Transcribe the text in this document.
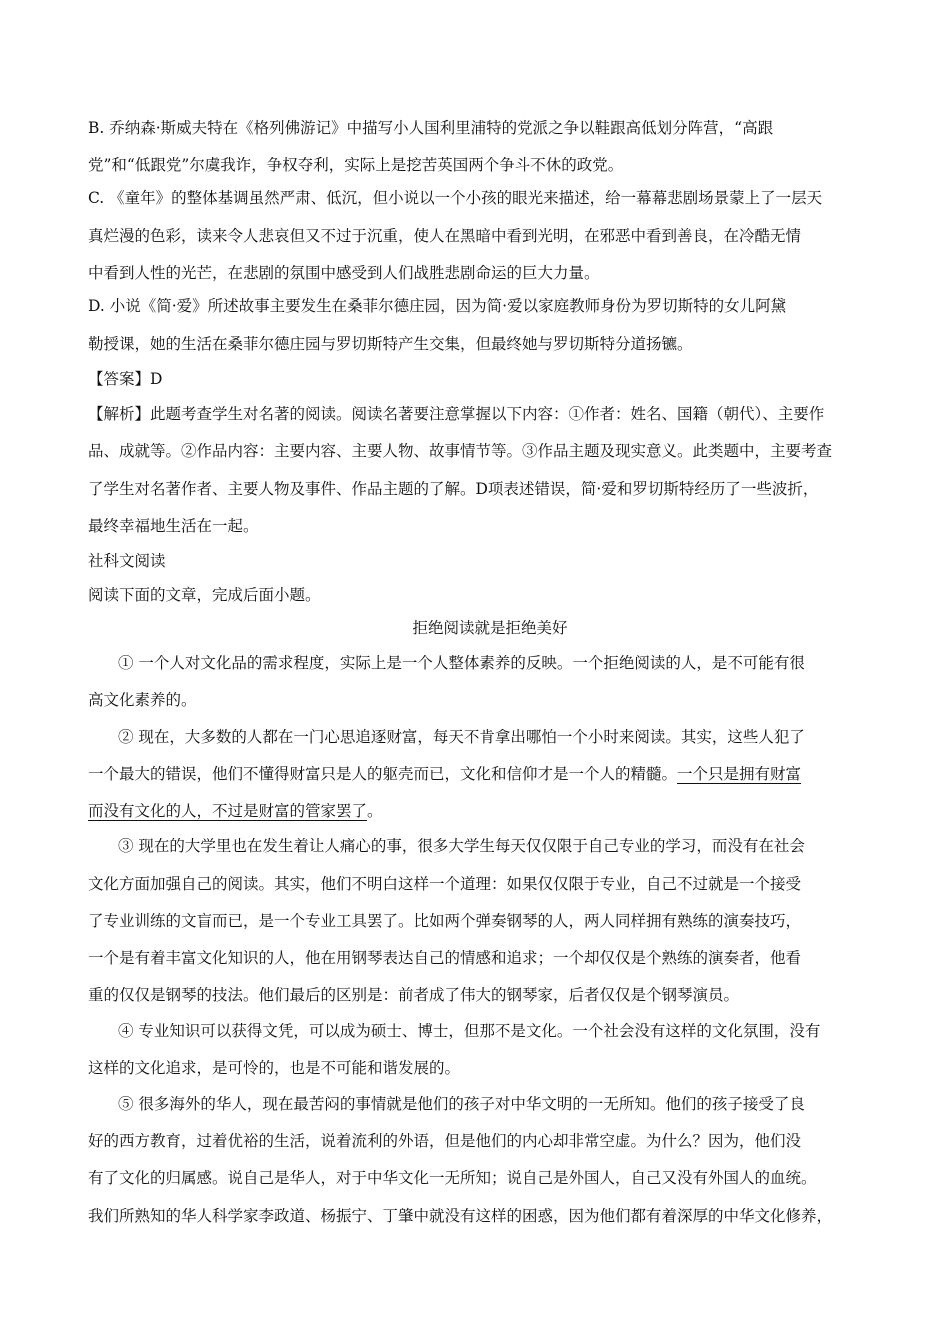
B. 乔纳森·斯威夫特在《格列佛游记》中描写小人国利里浦特的党派之争以鞋跟高低划分阵营，“高跟
党”和“低跟党”尔虞我诈，争权夺利，实际上是挖苦英国两个争斗不休的政党。
C. 《童年》的整体基调虽然严肃、低沉，但小说以一个小孩的眼光来描述，给一幕幕悲剧场景蒙上了一层天
真烂漫的色彩，读来令人悲哀但又不过于沉重，使人在黑暗中看到光明，在邪恶中看到善良，在冷酷无情
中看到人性的光芒，在悲剧的氛围中感受到人们战胜悲剧命运的巨大力量。
D. 小说《简·爱》所述故事主要发生在桑菲尔德庄园，因为简·爱以家庭教师身份为罗切斯特的女儿阿黛
勒授课，她的生活在桑菲尔德庄园与罗切斯特产生交集，但最终她与罗切斯特分道扬镳。
【答案】D
【解析】此题考查学生对名著的阅读。阅读名著要注意掌握以下内容：①作者：姓名、国籍（朝代）、主要作
品、成就等。②作品内容：主要内容、主要人物、故事情节等。③作品主题及现实意义。此类题中，主要考查
了学生对名著作者、主要人物及事件、作品主题的了解。D项表述错误，简·爱和罗切斯特经历了一些波折，
最终幸福地生活在一起。
社科文阅读
阅读下面的文章，完成后面小题。
拒绝阅读就是拒绝美好
① 一个人对文化品的需求程度，实际上是一个人整体素养的反映。一个拒绝阅读的人，是不可能有很
高文化素养的。
② 现在，大多数的人都在一门心思追逐财富，每天不肯拿出哪怕一个小时来阅读。其实，这些人犯了
一个最大的错误，他们不懂得财富只是人的躯壳而已，文化和信仰才是一个人的精髓。一个只是拥有财富
而没有文化的人，不过是财富的管家罢了。
③ 现在的大学里也在发生着让人痛心的事，很多大学生每天仅仅限于自己专业的学习，而没有在社会
文化方面加强自己的阅读。其实，他们不明白这样一个道理：如果仅仅限于专业，自己不过就是一个接受
了专业训练的文盲而已，是一个专业工具罢了。比如两个弹奏钢琴的人，两人同样拥有熟练的演奏技巧，
一个是有着丰富文化知识的人，他在用钢琴表达自己的情感和追求；一个却仅仅是个熟练的演奏者，他看
重的仅仅是钢琴的技法。他们最后的区别是：前者成了伟大的钢琴家，后者仅仅是个钢琴演员。
④ 专业知识可以获得文凭，可以成为硕士、博士，但那不是文化。一个社会没有这样的文化氛围，没有
这样的文化追求，是可怜的，也是不可能和谐发展的。
⑤ 很多海外的华人，现在最苦闷的事情就是他们的孩子对中华文明的一无所知。他们的孩子接受了良
好的西方教育，过着优裕的生活，说着流利的外语，但是他们的内心却非常空虚。为什么？因为，他们没
有了文化的归属感。说自己是华人，对于中华文化一无所知；说自己是外国人，自己又没有外国人的血统。
我们所熟知的华人科学家李政道、杨振宁、丁肇中就没有这样的困惑，因为他们都有着深厚的中华文化修养，
